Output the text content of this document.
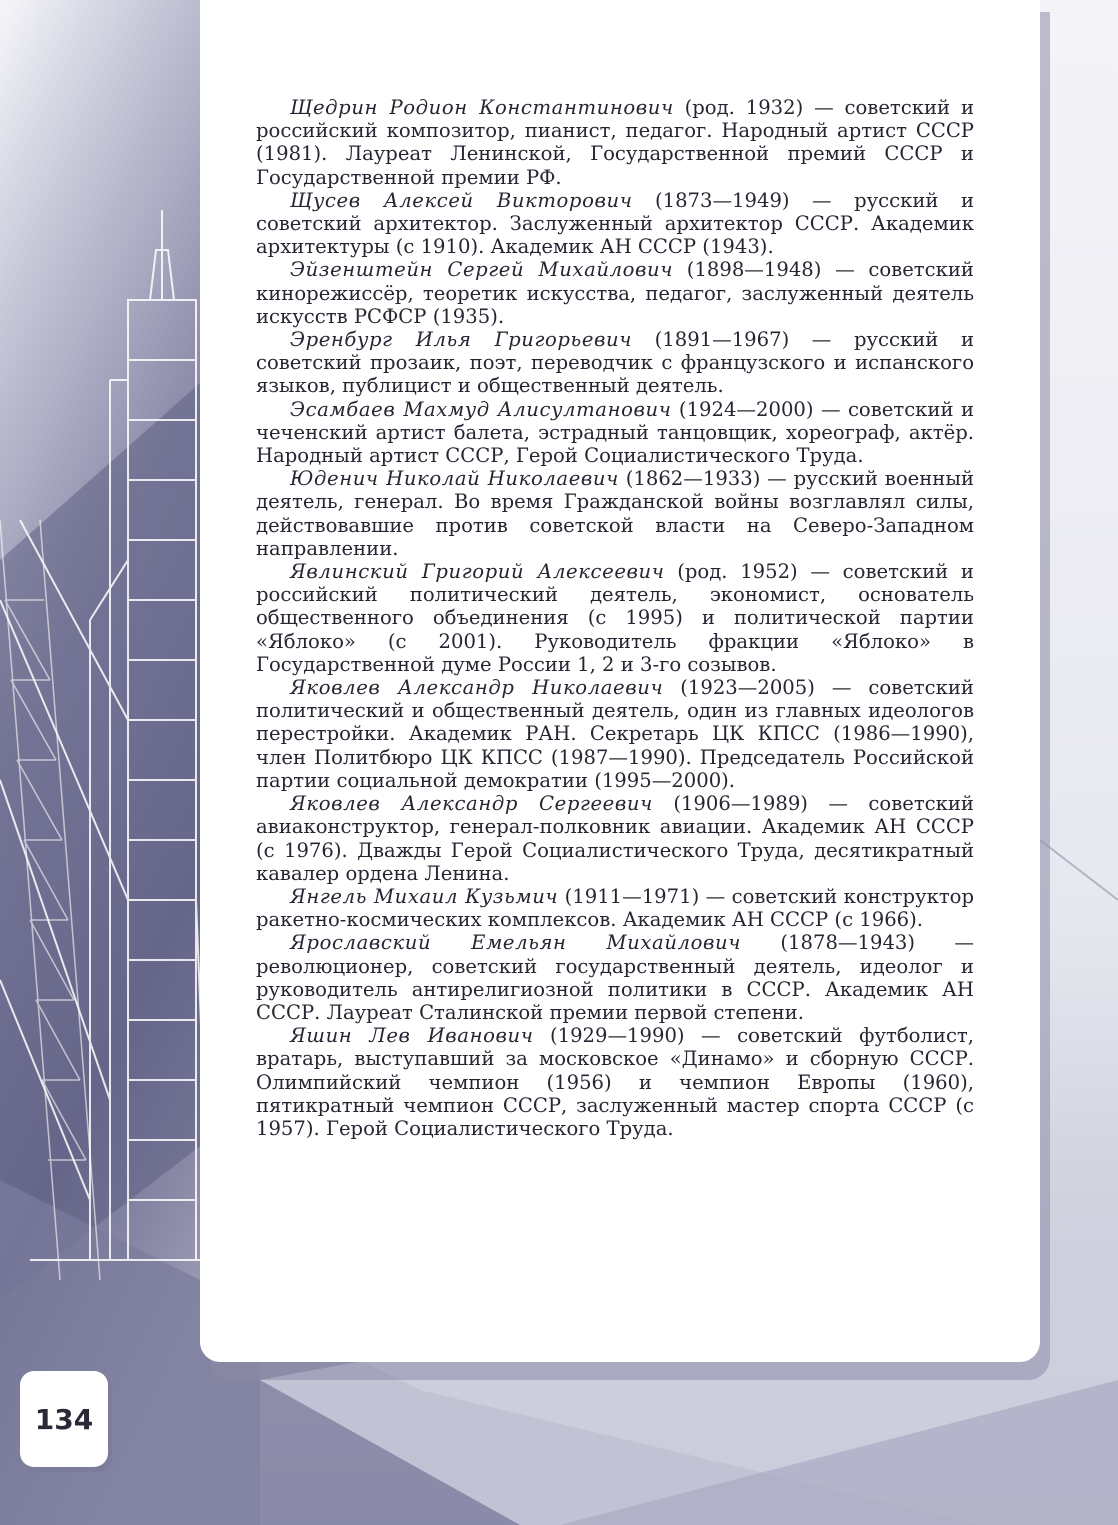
Щедрин Родион Константинович (род. 1932) — советский и российский композитор, пианист, педагог. Народный артист СССР (1981). Лауреат Ленинской, Государственной премий СССР и Государственной премии РФ.

Щусев Алексей Викторович (1873—1949) — русский и советский архитектор. Заслуженный архитектор СССР. Академик архитектуры (с 1910). Академик АН СССР (1943).

Эйзенштейн Сергей Михайлович (1898—1948) — советский кинорежиссёр, теоретик искусства, педагог, заслуженный деятель искусств РСФСР (1935).

Эренбург Илья Григорьевич (1891—1967) — русский и советский прозаик, поэт, переводчик с французского и испанского языков, публицист и общественный деятель.

Эсамбаев Махмуд Алисултанович (1924—2000) — советский и чеченский артист балета, эстрадный танцовщик, хореограф, актёр. Народный артист СССР, Герой Социалистического Труда.

Юденич Николай Николаевич (1862—1933) — русский военный деятель, генерал. Во время Гражданской войны возглавлял силы, действовавшие против советской власти на Северо-Западном направлении.

Явлинский Григорий Алексеевич (род. 1952) — советский и российский политический деятель, экономист, основатель общественного объединения (с 1995) и политической партии «Яблоко» (с 2001). Руководитель фракции «Яблоко» в Государственной думе России 1, 2 и 3-го созывов.

Яковлев Александр Николаевич (1923—2005) — советский политический и общественный деятель, один из главных идеологов перестройки. Академик РАН. Секретарь ЦК КПСС (1986—1990), член Политбюро ЦК КПСС (1987—1990). Председатель Российской партии социальной демократии (1995—2000).

Яковлев Александр Сергеевич (1906—1989) — советский авиаконструктор, генерал-полковник авиации. Академик АН СССР (с 1976). Дважды Герой Социалистического Труда, десятикратный кавалер ордена Ленина.

Янгель Михаил Кузьмич (1911—1971) — советский конструктор ракетно-космических комплексов. Академик АН СССР (с 1966).

Ярославский Емельян Михайлович (1878—1943) — революционер, советский государственный деятель, идеолог и руководитель антирелигиозной политики в СССР. Академик АН СССР. Лауреат Сталинской премии первой степени.

Яшин Лев Иванович (1929—1990) — советский футболист, вратарь, выступавший за московское «Динамо» и сборную СССР. Олимпийский чемпион (1956) и чемпион Европы (1960), пятикратный чемпион СССР, заслуженный мастер спорта СССР (с 1957). Герой Социалистического Труда.

134
